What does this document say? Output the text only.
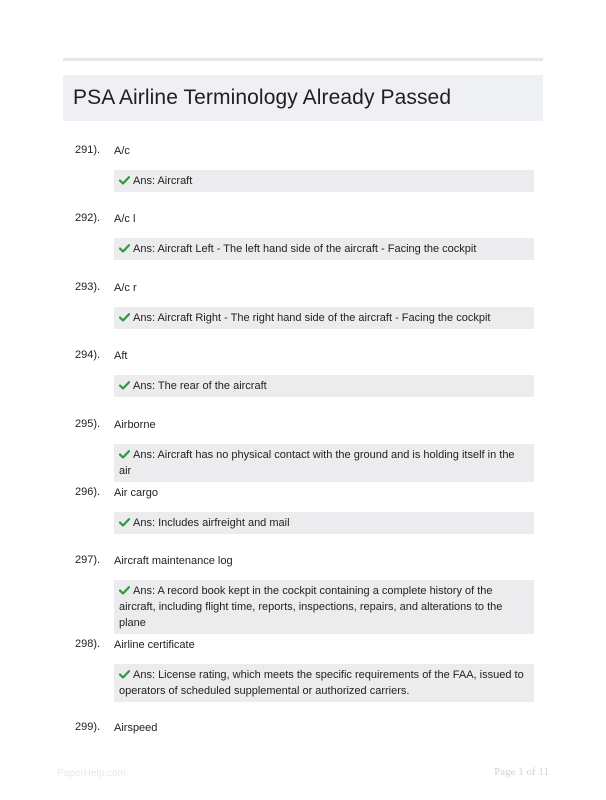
PSA Airline Terminology Already Passed
291). A/c
Ans: Aircraft
292). A/c l
Ans: Aircraft Left - The left hand side of the aircraft - Facing the cockpit
293). A/c r
Ans: Aircraft Right - The right hand side of the aircraft - Facing the cockpit
294). Aft
Ans: The rear of the aircraft
295). Airborne
Ans: Aircraft has no physical contact with the ground and is holding itself in the air
296). Air cargo
Ans: Includes airfreight and mail
297). Aircraft maintenance log
Ans: A record book kept in the cockpit containing a complete history of the aircraft, including flight time, reports, inspections, repairs, and alterations to the plane
298). Airline certificate
Ans: License rating, which meets the specific requirements of the FAA, issued to operators of scheduled supplemental or authorized carriers.
299). Airspeed
PaperHelp.com	Page 1 of 11
